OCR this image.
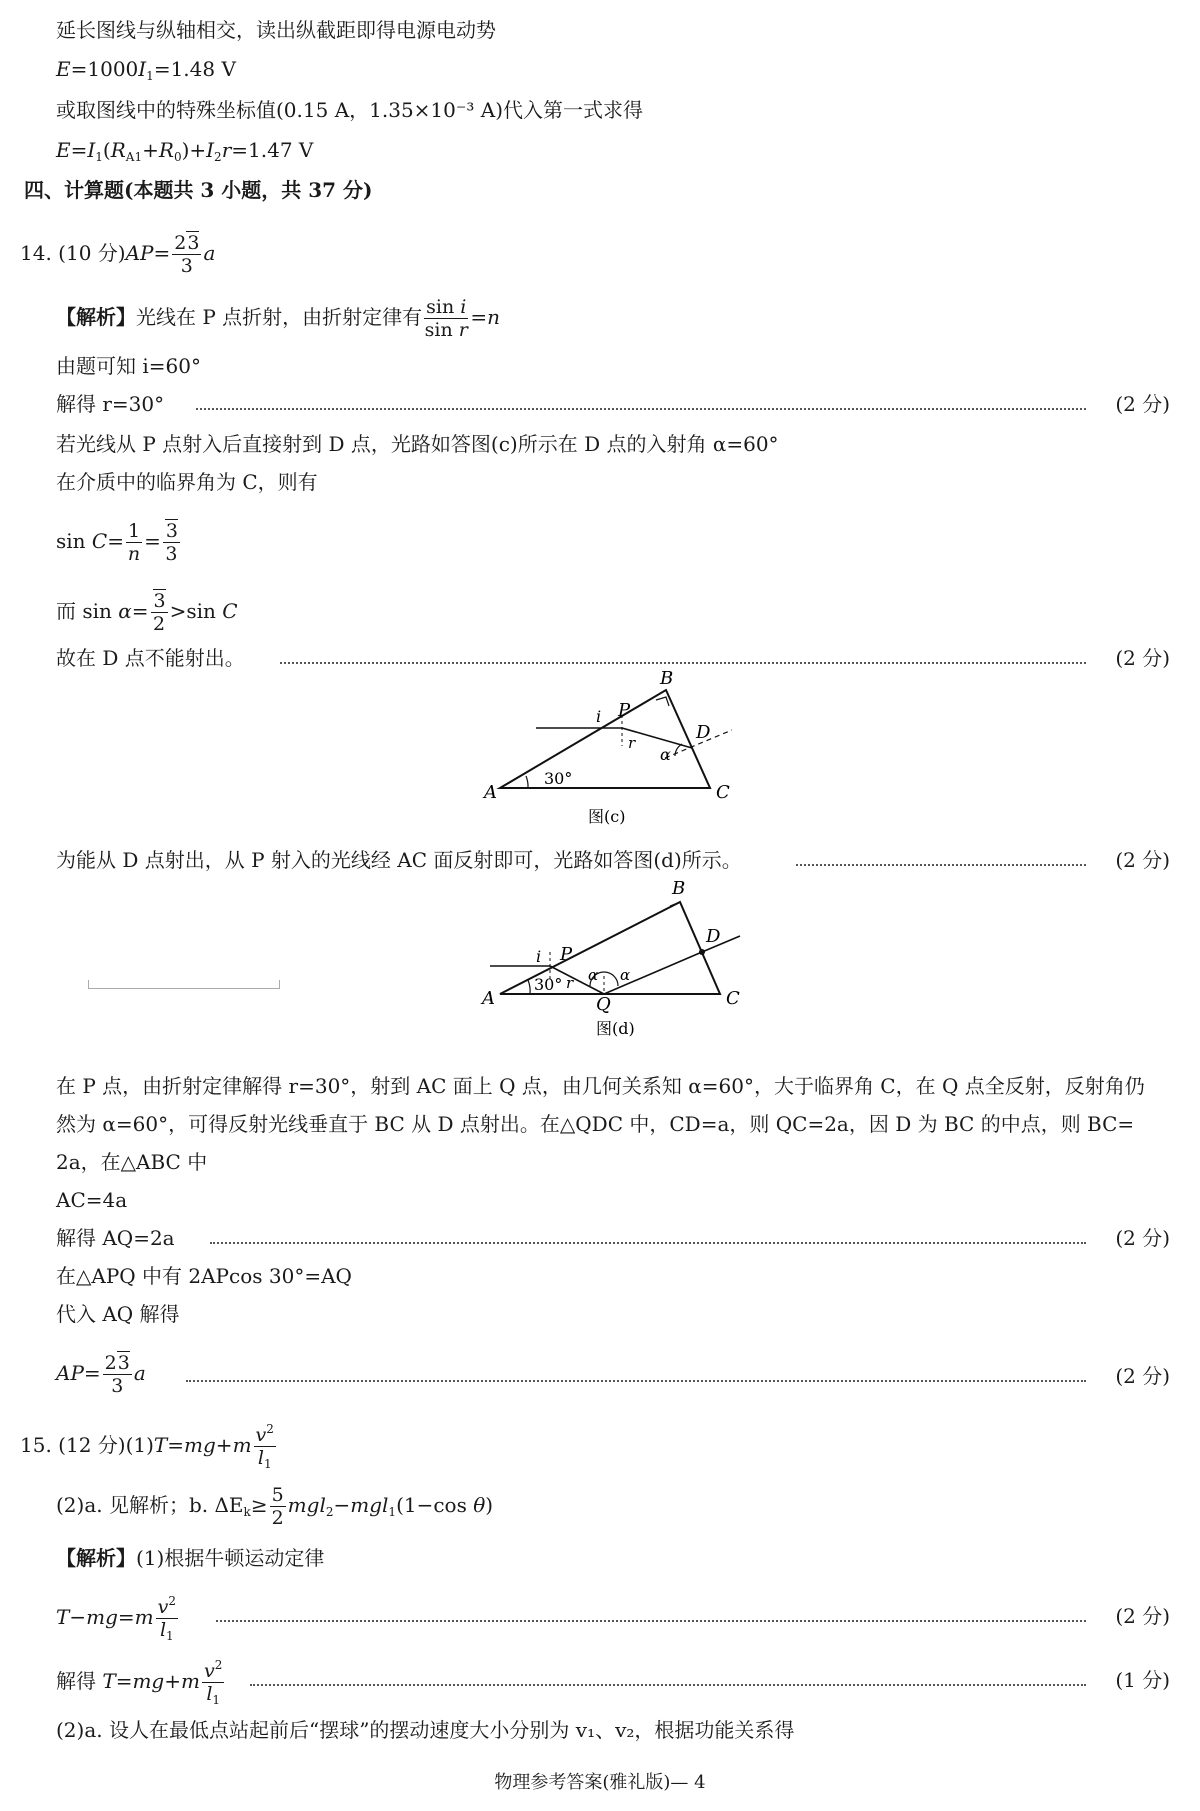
延长图线与纵轴相交，读出纵截距即得电源电动势
$E=1000I_1=1.48$ V
或取图线中的特殊坐标值(0.15 A，1.35×10⁻³ A)代入第一式求得
$E=I_1(R_{A1}+R_0)+I_2r=1.47$ V
四、计算题(本题共 3 小题，共 37 分)
14. (10 分)$AP= \frac{23}{3}$ a
【解析】光线在 P 点折射，由折射定律有 $\frac{\text{sin i}}{\text{sin r}} =n$
由题可知 i=60°
解得 r=30°	(2 分)
若光线从 P 点射入后直接射到 D 点，光路如答图(c)所示在 D 点的入射角 α=60°
在介质中的临界角为 C，则有
$\sin C= \frac{1}{n} = \frac{3}{3}$
而 $\sin \alpha= \frac{3}{2} >\sin$ C
故在 D 点不能射出。	(2 分)
B
A	C
D
P
i
r
α
30°
图(c)
为能从 D 点射出，从 P 射入的光线经 AC 面反射即可，光路如答图(d)所示。	(2 分)
B
A	C
D
P
Q
i
r α α
30°
图(d)
在 P 点，由折射定律解得 r=30°，射到 AC 面上 Q 点，由几何关系知 α=60°，大于临界角 C，在 Q 点全反射，反射角仍
然为 α=60°，可得反射光线垂直于 BC 从 D 点射出。在△QDC 中，CD=a，则 QC=2a，因 D 为 BC 的中点，则 BC=
2a，在△ABC 中
AC=4a
解得 AQ=2a	(2 分)
在△APQ 中有 2APcos 30°=AQ
代入 AQ 解得
$AP= \frac{23}{3}$ a	(2 分)
15. (12 分)$(1)T=mg+m \frac{v^2}{l_1}$
(2)a. 见解析；b. $\Delta E_k\ge \frac{5}{2} mgl_2-mgl_1(1-\cos$ θ)
【解析】(1)根据牛顿运动定律
$T-mg=m \frac{v^2}{l_1}$	(2 分)
解得 $T=mg+m \frac{v^2}{l_1}$	(1 分)
(2)a. 设人在最低点站起前后“摆球”的摆动速度大小分别为 v₁、v₂，根据功能关系得
物理参考答案(雅礼版)— 4
